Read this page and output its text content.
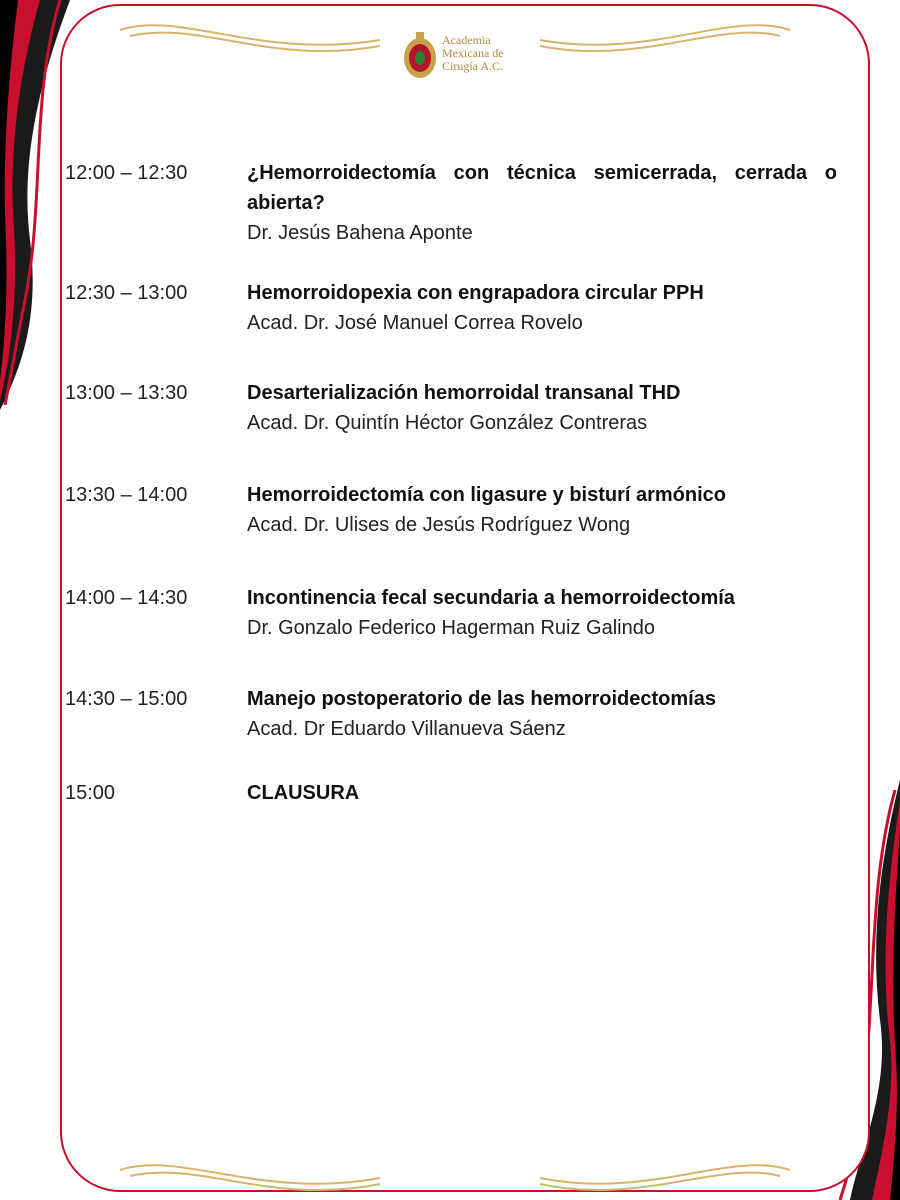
Academia
Mexicana de
Cirugía A.C.
12:00 – 12:30	¿Hemorroidectomía con técnica semicerrada, cerrada o abierta?
Dr. Jesús Bahena Aponte
12:30 – 13:00	Hemorroidopexia con engrapadora circular PPH
Acad. Dr. José Manuel Correa Rovelo
13:00 – 13:30	Desarterialización hemorroidal transanal THD
Acad. Dr. Quintín Héctor González Contreras
13:30 – 14:00	Hemorroidectomía con ligasure y bisturí armónico
Acad. Dr. Ulises de Jesús Rodríguez Wong
14:00 – 14:30	Incontinencia fecal secundaria a hemorroidectomía
Dr. Gonzalo Federico Hagerman Ruiz Galindo
14:30 – 15:00	Manejo postoperatorio de las hemorroidectomías
Acad. Dr Eduardo Villanueva Sáenz
15:00	CLAUSURA
